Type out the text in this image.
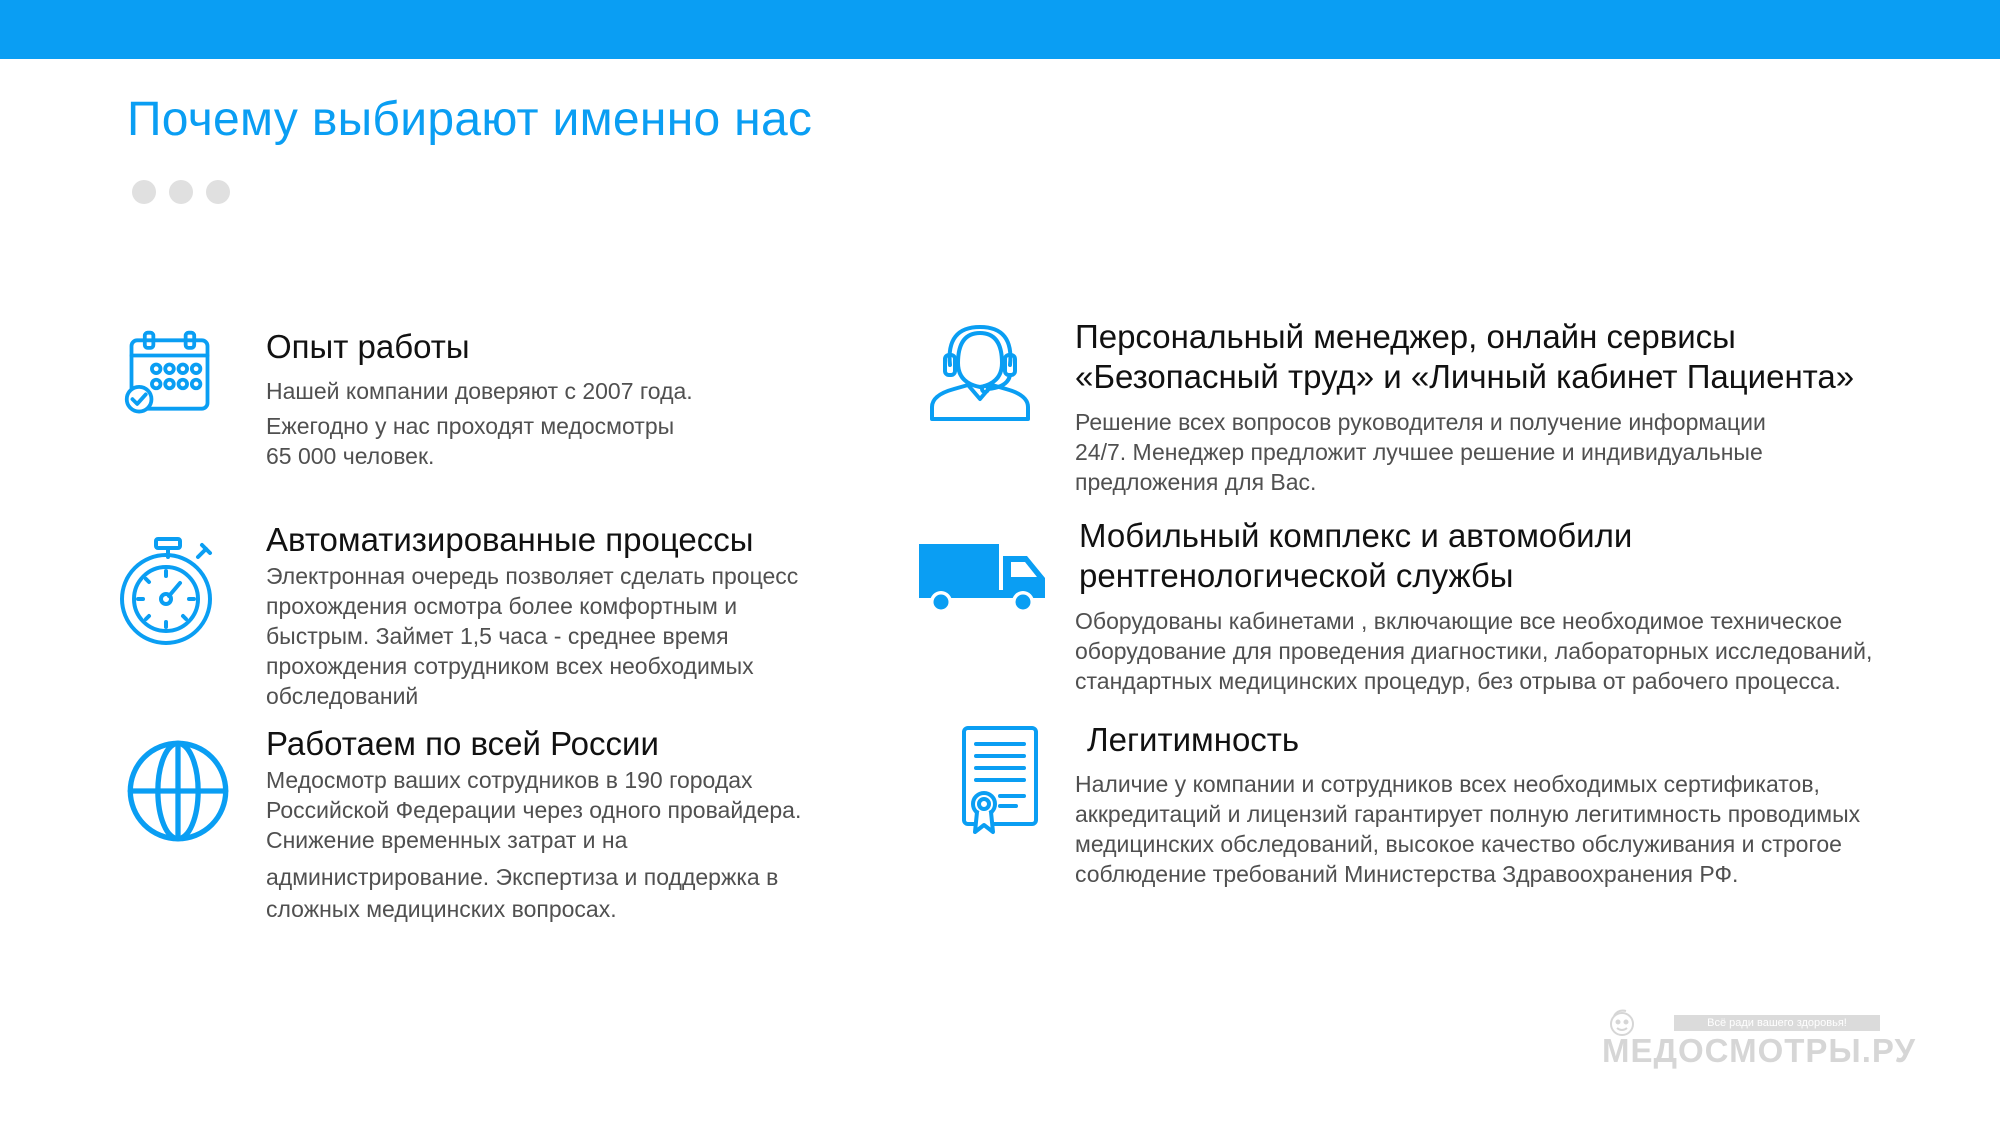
Почему выбирают именно нас
Опыт работы
Нашей компании доверяют с 2007 года.
Ежегодно у нас проходят медосмотры
65 000 человек.
Автоматизированные процессы
Электронная очередь позволяет сделать процесс
прохождения осмотра более комфортным и
быстрым. Займет 1,5 часа - среднее время
прохождения сотрудником всех необходимых
обследований
Работаем по всей России
Медосмотр ваших сотрудников в 190 городах
Российской Федерации через одного провайдера.
Снижение временных затрат и на
администрирование. Экспертиза и поддержка в
сложных медицинских вопросах.
Персональный менеджер, онлайн сервисы
«Безопасный труд» и «Личный кабинет Пациента»
Решение всех вопросов руководителя и получение информации
24/7. Менеджер предложит лучшее решение и индивидуальные
предложения для Вас.
Мобильный комплекс и автомобили
рентгенологической службы
Оборудованы кабинетами , включающие все необходимое техническое
оборудование для проведения диагностики, лабораторных исследований,
стандартных медицинских процедур, без отрыва от рабочего процесса.
Легитимность
Наличие у компании и сотрудников всех необходимых сертификатов,
аккредитаций и лицензий гарантирует полную легитимность проводимых
медицинских обследований, высокое качество обслуживания и строгое
соблюдение требований Министерства Здравоохранения РФ.
Всё ради вашего здоровья!
МЕДОСМОТРЫ.РУ
